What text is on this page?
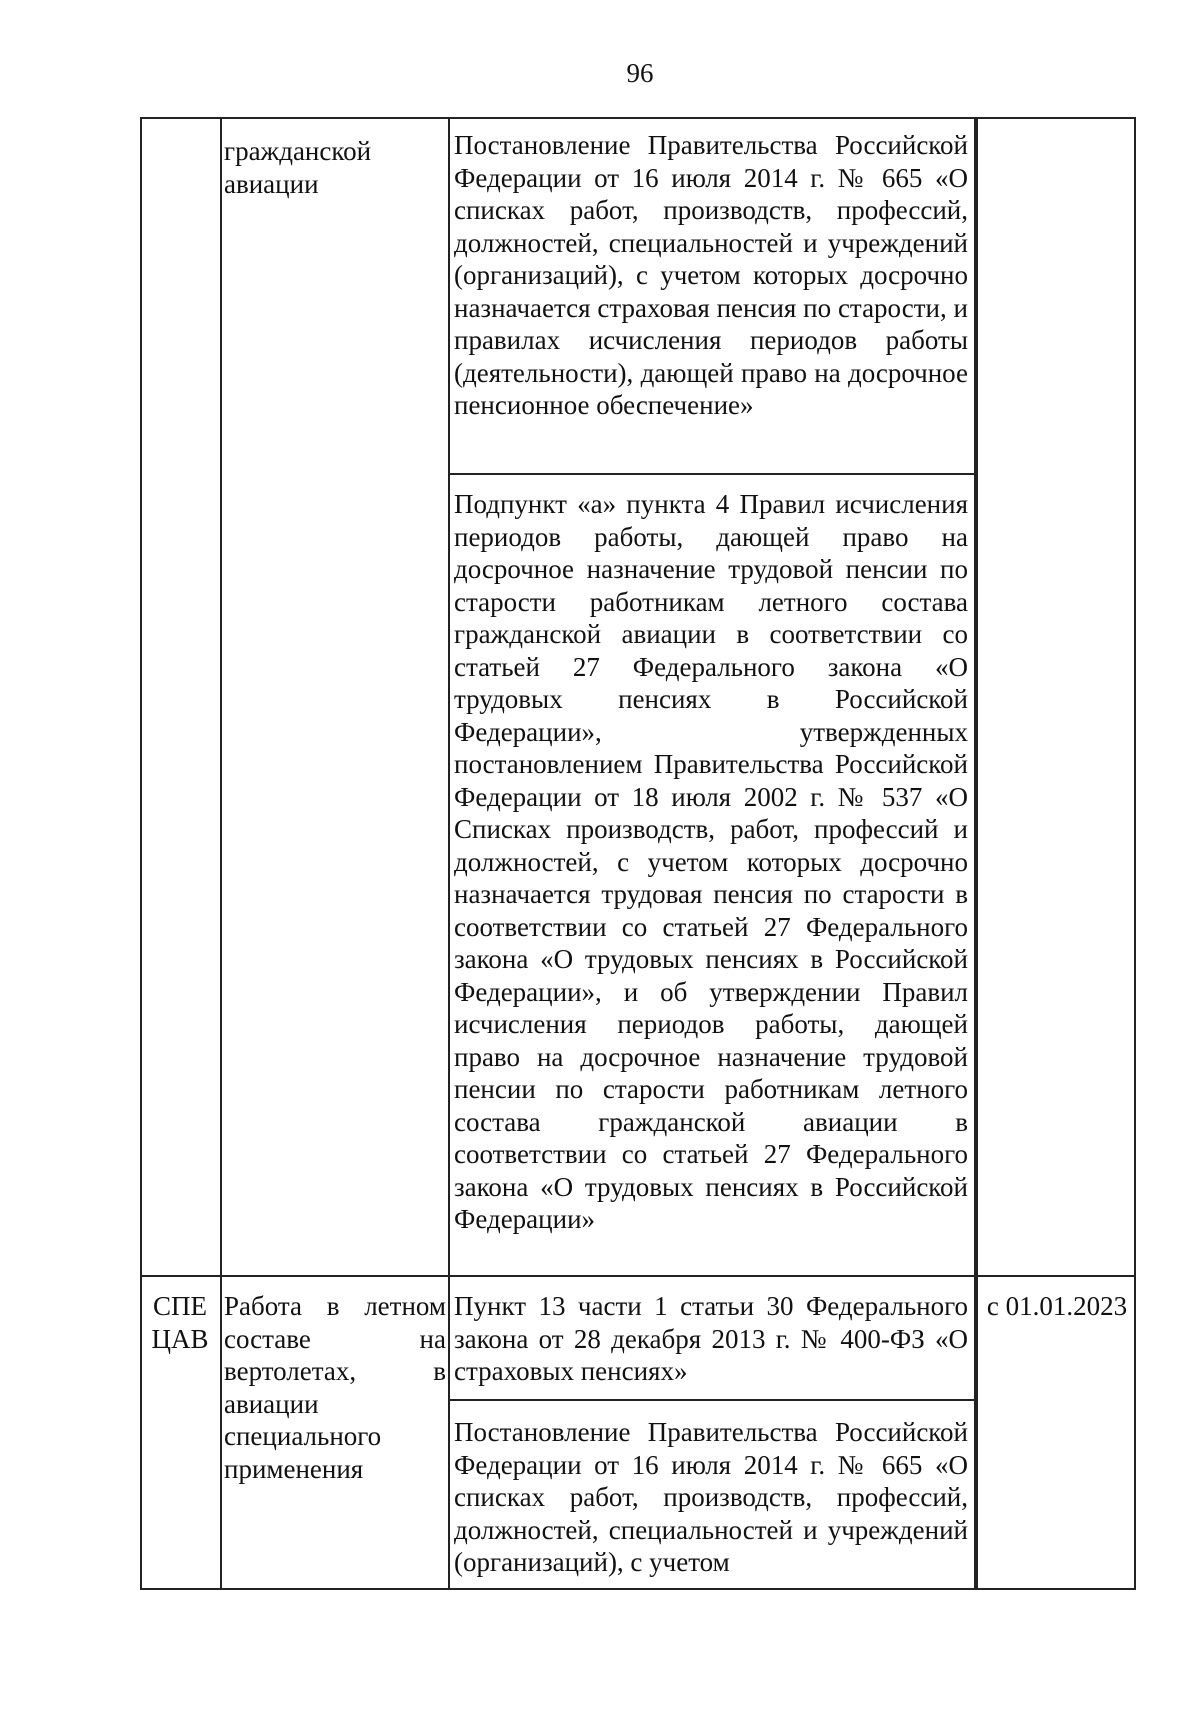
96

гражданской авиации

Постановление Правительства Российской Федерации от 16 июля 2014 г. № 665 «О списках работ, производств, профессий, должностей, специальностей и учреждений (организаций), с учетом которых досрочно назначается страховая пенсия по старости, и правилах исчисления периодов работы (деятельности), дающей право на досрочное пенсионное обеспечение»

Подпункт «а» пункта 4 Правил исчисления периодов работы, дающей право на досрочное назначение трудовой пенсии по старости работникам летного состава гражданской авиации в соответствии со статьей 27 Федерального закона «О трудовых пенсиях в Российской Федерации», утвержденных постановлением Правительства Российской Федерации от 18 июля 2002 г. № 537 «О Списках производств, работ, профессий и должностей, с учетом которых досрочно назначается трудовая пенсия по старости в соответствии со статьей 27 Федерального закона «О трудовых пенсиях в Российской Федерации», и об утверждении Правил исчисления периодов работы, дающей право на досрочное назначение трудовой пенсии по старости работникам летного состава гражданской авиации в соответствии со статьей 27 Федерального закона «О трудовых пенсиях в Российской Федерации»

СПЕЦАВ

Работа в летном составе на вертолетах, в авиации специального применения

Пункт 13 части 1 статьи 30 Федерального закона от 28 декабря 2013 г. № 400-ФЗ «О страховых пенсиях»

Постановление Правительства Российской Федерации от 16 июля 2014 г. № 665 «О списках работ, производств, профессий, должностей, специальностей и учреждений (организаций), с учетом

с 01.01.2023
